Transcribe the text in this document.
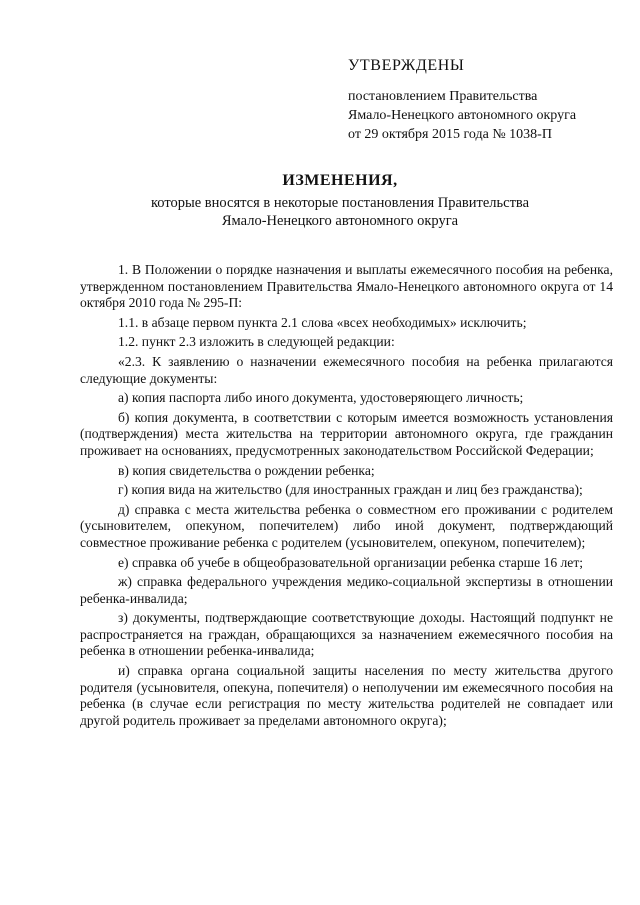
УТВЕРЖДЕНЫ
постановлением Правительства
Ямало-Ненецкого автономного округа
от 29 октября 2015 года № 1038-П
ИЗМЕНЕНИЯ,
которые вносятся в некоторые постановления Правительства
Ямало-Ненецкого автономного округа

1. В Положении о порядке назначения и выплаты ежемесячного пособия на ребенка, утвержденном постановлением Правительства Ямало-Ненецкого автономного округа от 14 октября 2010 года № 295-П:

1.1. в абзаце первом пункта 2.1 слова «всех необходимых» исключить;

1.2. пункт 2.3 изложить в следующей редакции:

«2.3. К заявлению о назначении ежемесячного пособия на ребенка прилагаются следующие документы:

а) копия паспорта либо иного документа, удостоверяющего личность;

б) копия документа, в соответствии с которым имеется возможность установления (подтверждения) места жительства на территории автономного округа, где гражданин проживает на основаниях, предусмотренных законодательством Российской Федерации;

в) копия свидетельства о рождении ребенка;

г) копия вида на жительство (для иностранных граждан и лиц без гражданства);

д) справка с места жительства ребенка о совместном его проживании с родителем (усыновителем, опекуном, попечителем) либо иной документ, подтверждающий совместное проживание ребенка с родителем (усыновителем, опекуном, попечителем);

е) справка об учебе в общеобразовательной организации ребенка старше 16 лет;

ж) справка федерального учреждения медико-социальной экспертизы в отношении ребенка-инвалида;

з) документы, подтверждающие соответствующие доходы. Настоящий подпункт не распространяется на граждан, обращающихся за назначением ежемесячного пособия на ребенка в отношении ребенка-инвалида;

и) справка органа социальной защиты населения по месту жительства другого родителя (усыновителя, опекуна, попечителя) о неполучении им ежемесячного пособия на ребенка (в случае если регистрация по месту жительства родителей не совпадает или другой родитель проживает за пределами автономного округа);
